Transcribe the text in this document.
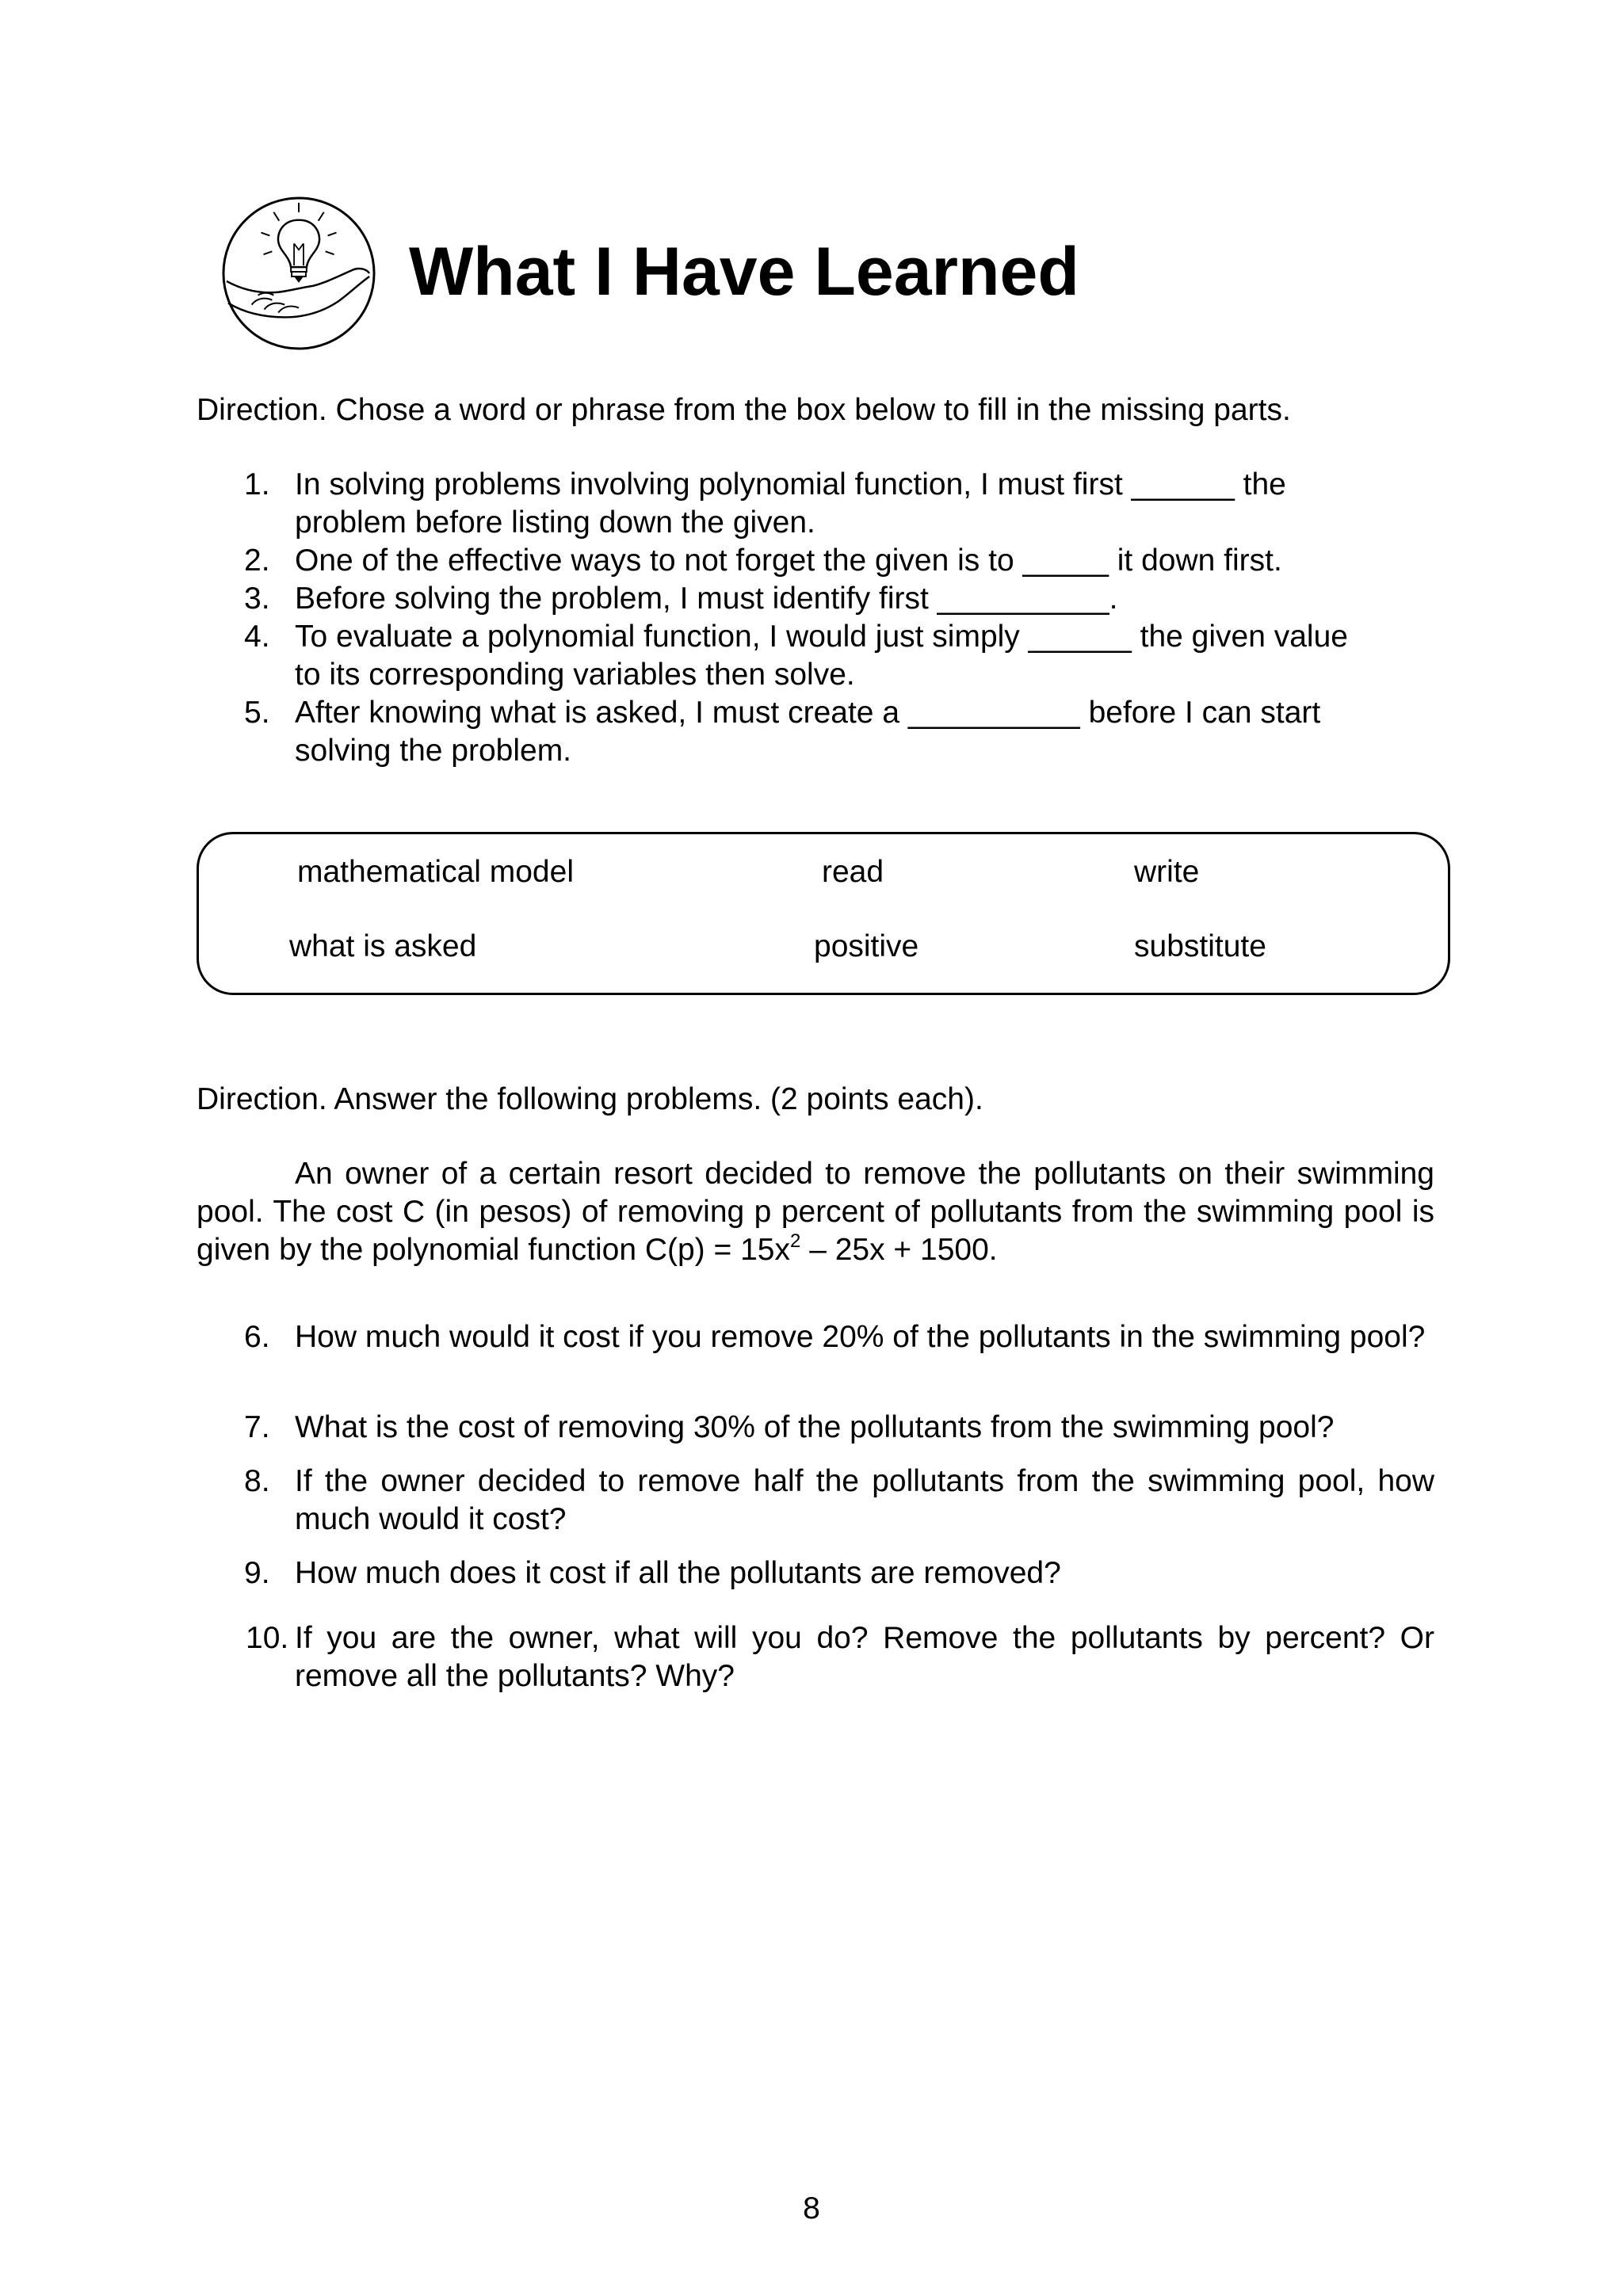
What I Have Learned
Direction. Chose a word or phrase from the box below to fill in the missing parts.
1. In solving problems involving polynomial function, I must first ______ the
problem before listing down the given.
2. One of the effective ways to not forget the given is to _____ it down first.
3. Before solving the problem, I must identify first __________.
4. To evaluate a polynomial function, I would just simply ______ the given value
to its corresponding variables then solve.
5. After knowing what is asked, I must create a __________ before I can start
solving the problem.
mathematical model	read	write
what is asked	positive	substitute
Direction. Answer the following problems. (2 points each).
An owner of a certain resort decided to remove the pollutants on their swimming pool. The cost C (in pesos) of removing p percent of pollutants from the swimming pool is given by the polynomial function $C(p) = 15x^2 - 25x + 1500$.
6. How much would it cost if you remove 20% of the pollutants in the swimming pool?
7. What is the cost of removing 30% of the pollutants from the swimming pool?
8. If the owner decided to remove half the pollutants from the swimming pool, how much would it cost?
9. How much does it cost if all the pollutants are removed?
10. If you are the owner, what will you do? Remove the pollutants by percent? Or remove all the pollutants? Why?
8
